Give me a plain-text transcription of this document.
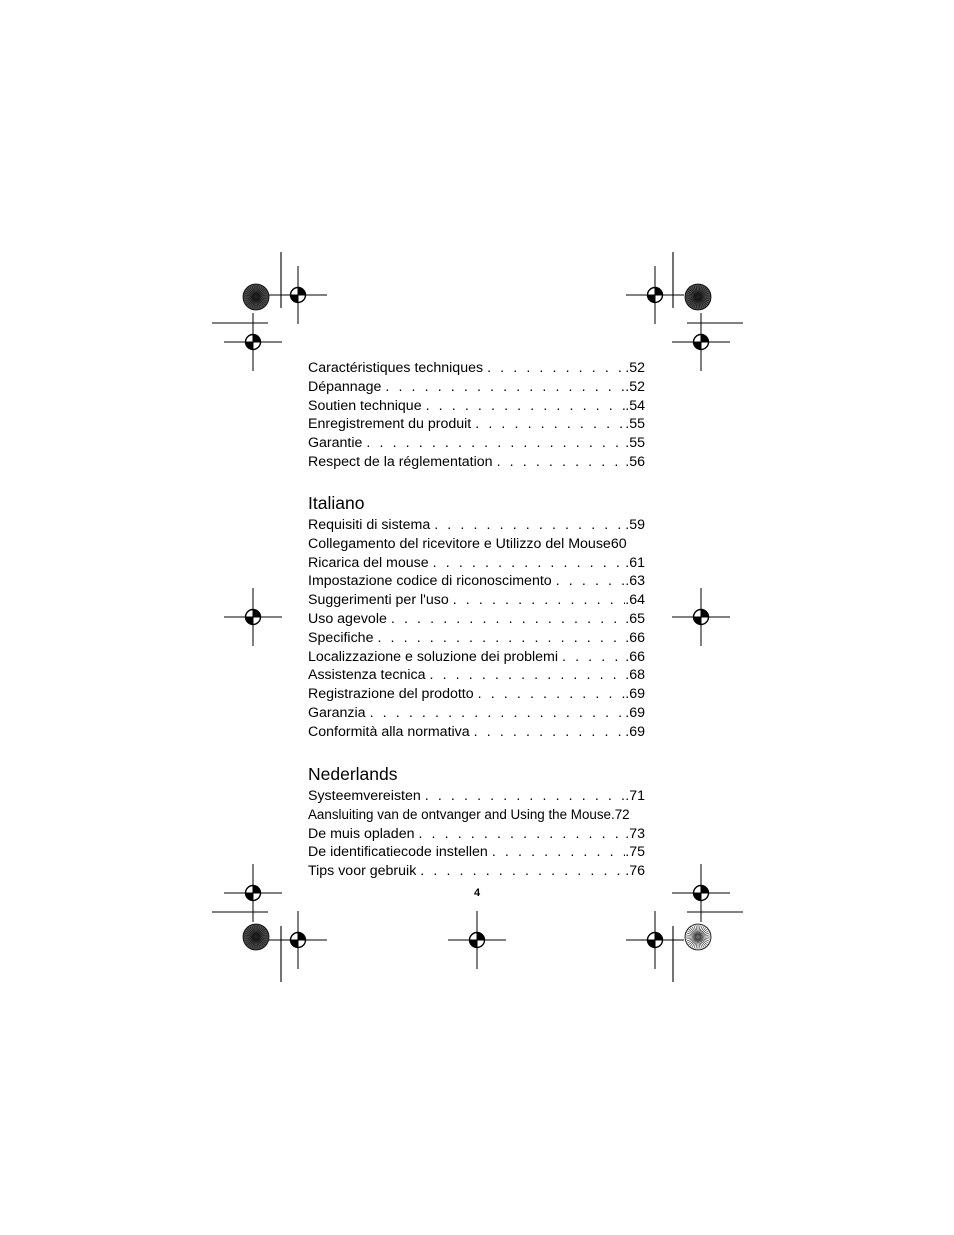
Caractéristiques techniques . . .	.52
Dépannage . . .	.52
Soutien technique . . .	.54
Enregistrement du produit . . .	.55
Garantie . . .	.55
Respect de la réglementation . . .	.56
Italiano
Requisiti di sistema . . .	.59
Collegamento del ricevitore e Utilizzo del Mouse 60
Ricarica del mouse . . .	.61
Impostazione codice di riconoscimento . . .	.63
Suggerimenti per l'uso . . .	.64
Uso agevole . . .	.65
Specifiche . . .	.66
Localizzazione e soluzione dei problemi . . .	.66
Assistenza tecnica . . .	.68
Registrazione del prodotto . . .	.69
Garanzia . . .	.69
Conformità alla normativa . . .	.69
Nederlands
Systeemvereisten . . .	.71
Aansluiting van de ontvanger and Using the Mouse .72
De muis opladen . . .	.73
De identificatiecode instellen . . .	.75
Tips voor gebruik . . .	.76
4
